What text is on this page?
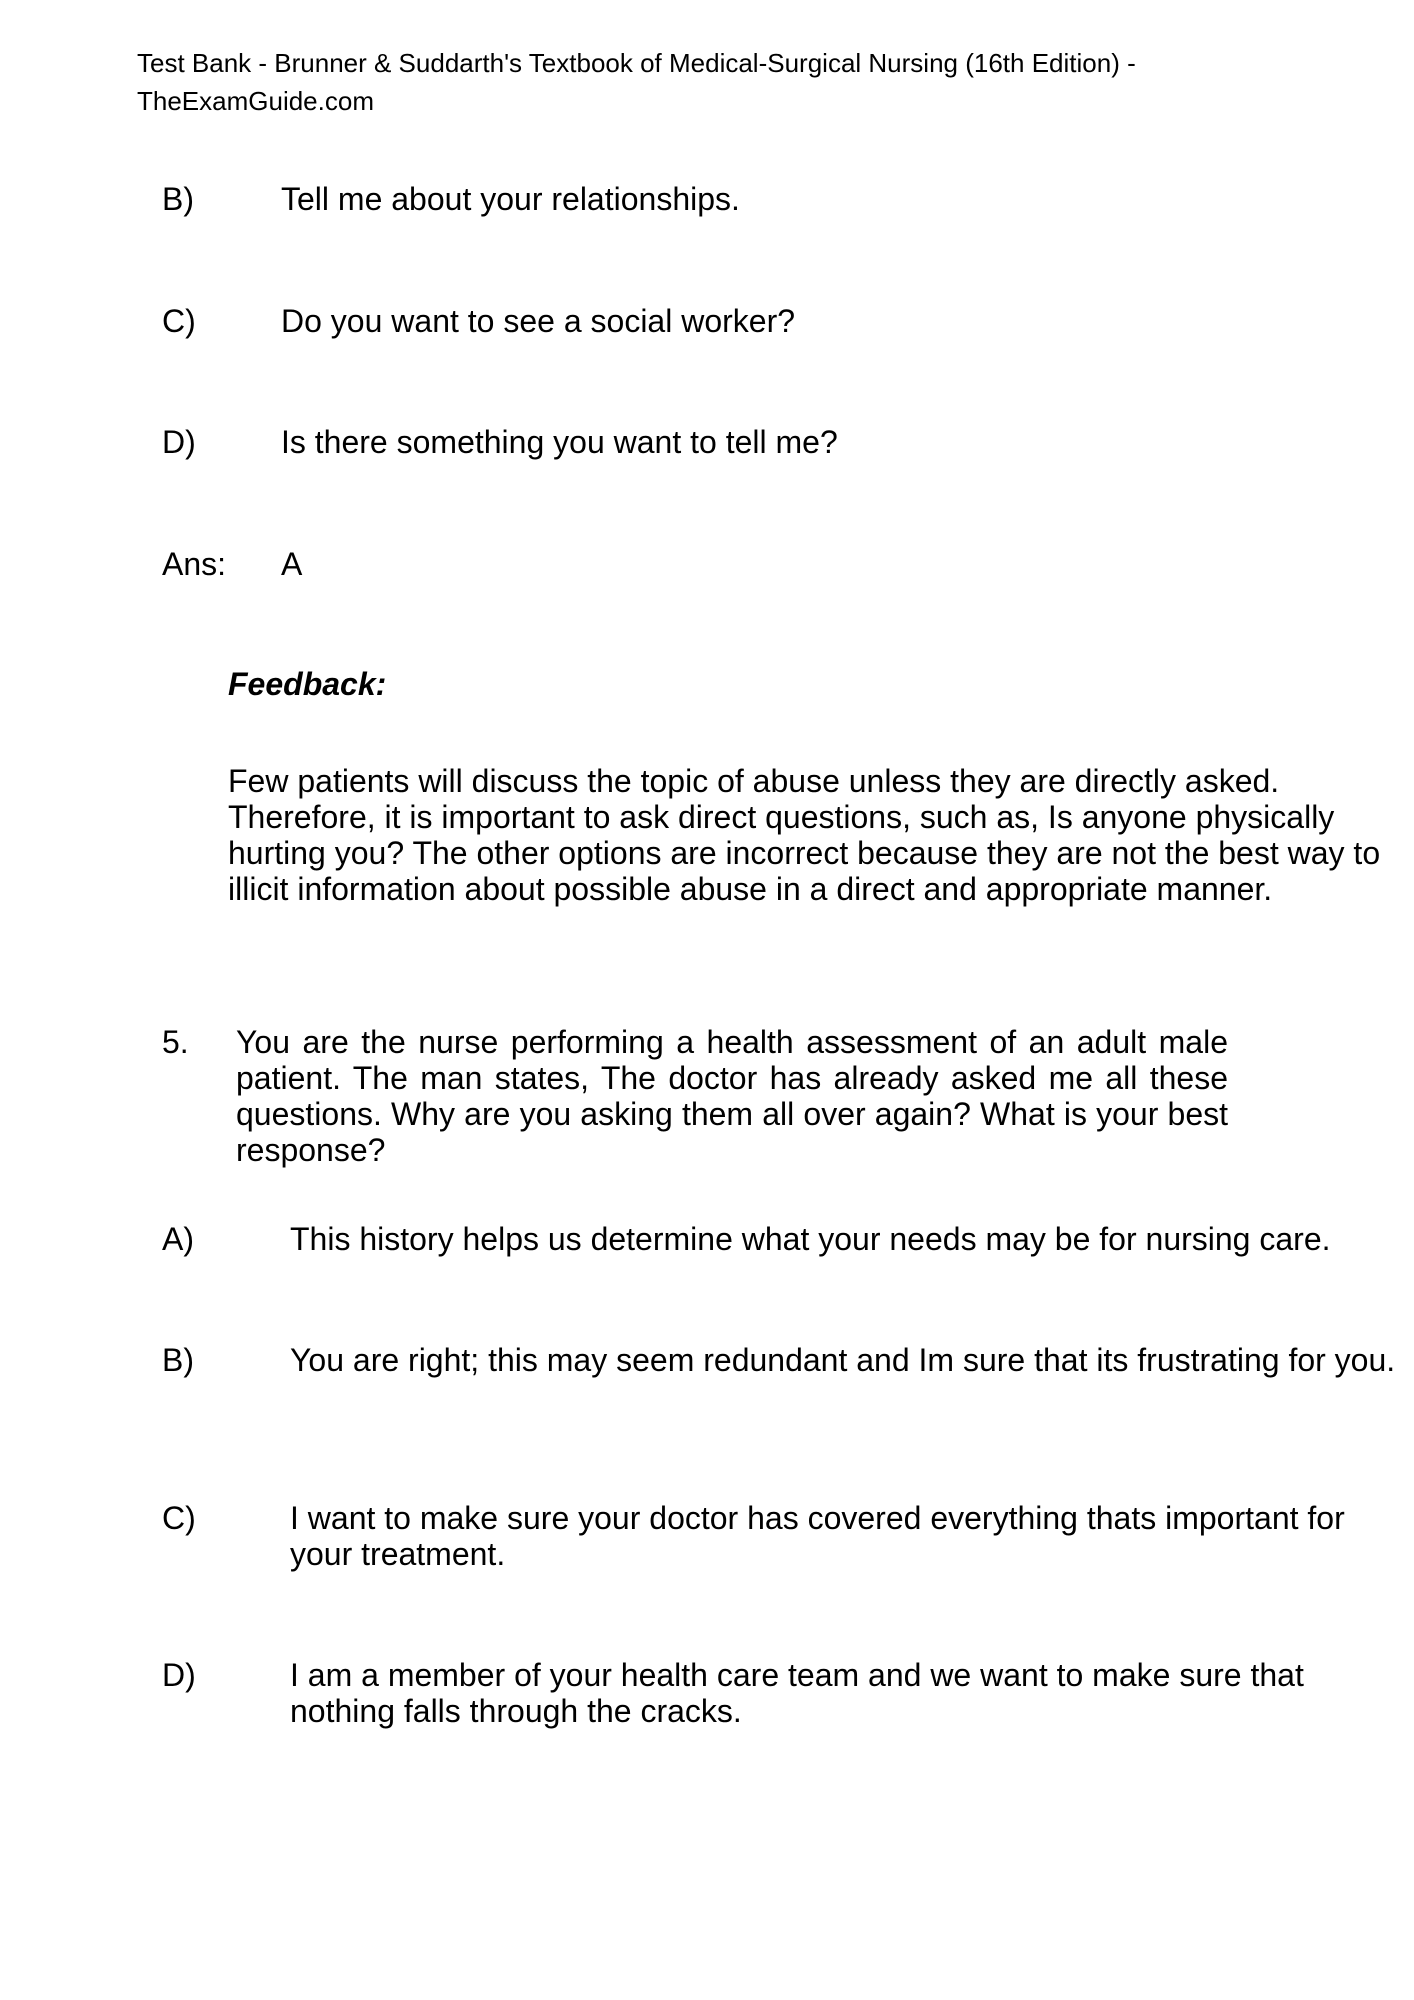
Test Bank - Brunner & Suddarth's Textbook of Medical-Surgical Nursing (16th Edition) - TheExamGuide.com
B)	Tell me about your relationships.
C)	Do you want to see a social worker?
D)	Is there something you want to tell me?
Ans: A
Feedback:
Few patients will discuss the topic of abuse unless they are directly asked. Therefore, it is important to ask direct questions, such as, Is anyone physically hurting you? The other options are incorrect because they are not the best way to illicit information about possible abuse in a direct and appropriate manner.
5. You are the nurse performing a health assessment of an adult male patient. The man states, The doctor has already asked me all these questions. Why are you asking them all over again? What is your best response?
A)	This history helps us determine what your needs may be for nursing care.
B)	You are right; this may seem redundant and Im sure that its frustrating for you.
C)	I want to make sure your doctor has covered everything thats important for your treatment.
D)	I am a member of your health care team and we want to make sure that nothing falls through the cracks.
